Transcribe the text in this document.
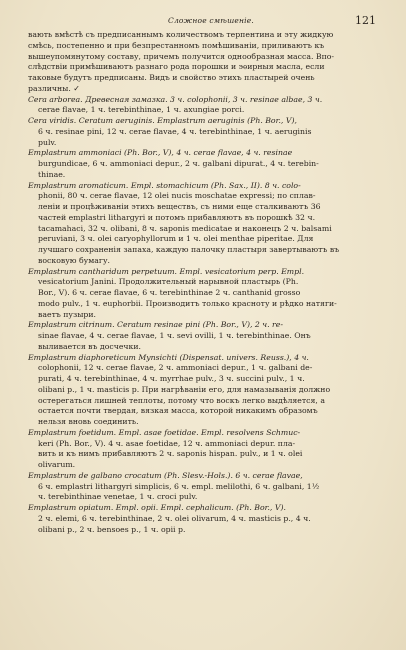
Сложное смѣшеніе.	121
вають вмѣстѣ съ предписаннымъ количествомъ терпентина и эту жидкую
смѣсь, постепенно и при безпрестанномъ помѣшиваніи, приливаютъ къ
вышеупомянутому составу, причемъ получится однообразная масса. Впо-
слѣдствіи примѣшиваютъ разнаго рода порошки и эѳирныя масла, если
таковые будутъ предписаны. Видъ и свойство этихъ пластырей очень
различны. ✓
Cera arborea. Древесная замазка. 3 ч. colophonii, 3 ч. resinae albae, 3 ч.
cerae flavae, 1 ч. terebinthinae, 1 ч. axungiae porci.
Cera viridis. Ceratum aeruginis. Emplastrum aeruginis (Ph. Bor., V),
6 ч. resinae pini, 12 ч. cerae flavae, 4 ч. terebinthinae, 1 ч. aeruginis
pulv.
Emplastrum ammoniaci (Ph. Bor., V), 4 ч. cerae flavae, 4 ч. resinae
burgundicae, 6 ч. ammoniaci depur., 2 ч. galbani dipurat., 4 ч. terebin-
thinae.
Emplastrum aromaticum. Empl. stomachicum (Ph. Sax., II). 8 ч. colo-
phonii, 80 ч. cerae flavae, 12 olei nucis moschatae expressi; по сплав-
леніи и процѣживаніи этихъ веществъ, съ ними еще сталкиваютъ 36
частей emplastri lithargyri и потомъ прибавляютъ въ порошкѣ 32 ч.
tacamahaci, 32 ч. olibani, 8 ч. saponis medicatae и наконецъ 2 ч. balsami
peruviani, 3 ч. olei caryophyllorum и 1 ч. olei menthae piperitae. Для
лучшаго сохраненія запаха, каждую палочку пластыря завертываютъ въ
восковую бумагу.
Emplastrum cantharidum perpetuum. Empl. vesicatorium perp. Empl.
vesicatorium Janini. Продолжительный нарывной пластырь (Ph.
Bor., V). 6 ч. cerae flavae, 6 ч. terebinthinae 2 ч. canthanid grosso
modo pulv., 1 ч. euphorbii. Производитъ только краснoту и рѣдко натяги-
ваетъ пузыри.
Emplastrum citrinum. Ceratum resinae pini (Ph. Bor., V), 2 ч. re-
sinae flavae, 4 ч. cerae flavae, 1 ч. sevi ovilli, 1 ч. terebinthinae. Онъ
выливается въ досчечки.
Emplastrum diaphoreticum Mynsichti (Dispensat. univers. Reuss.), 4 ч.
colophonii, 12 ч. cerae flavae, 2 ч. ammoniaci depur., 1 ч. galbani de-
purati, 4 ч. terebinthinae, 4 ч. myrrhae pulv., 3 ч. succini pulv., 1 ч.
olibani p., 1 ч. masticis p. При нагрѣваніи его, для намазыванія должно
остерегаться лишней теплоты, потому что воскъ легко выдѣляется, а
остается почти твердая, вязкая масса, которой никакимъ образомъ
нельзя вновь соединить.
Emplastrum foetidum. Empl. asae foetidae. Empl. resolvens Schmuc-
keri (Ph. Bor., V). 4 ч. asae foetidae, 12 ч. ammoniaci depur. пла-
вить и къ нимъ прибавляютъ 2 ч. saponis hispan. pulv., и 1 ч. olei
olivarum.
Emplastrum de galbano crocatum (Ph. Slesv.-Hols.). 6 ч. cerae flavae,
6 ч. emplastri lithargyri simplicis, 6 ч. empl. melilothi, 6 ч. galbani, 1½
ч. terebinthinae venetae, 1 ч. croci pulv.
Emplastrum opiatum. Empl. opii. Empl. cephalicum. (Ph. Bor., V).
2 ч. elemi, 6 ч. terebinthinae, 2 ч. olei olivarum, 4 ч. masticis p., 4 ч.
olibani p., 2 ч. bensoes p., 1 ч. opii p.
